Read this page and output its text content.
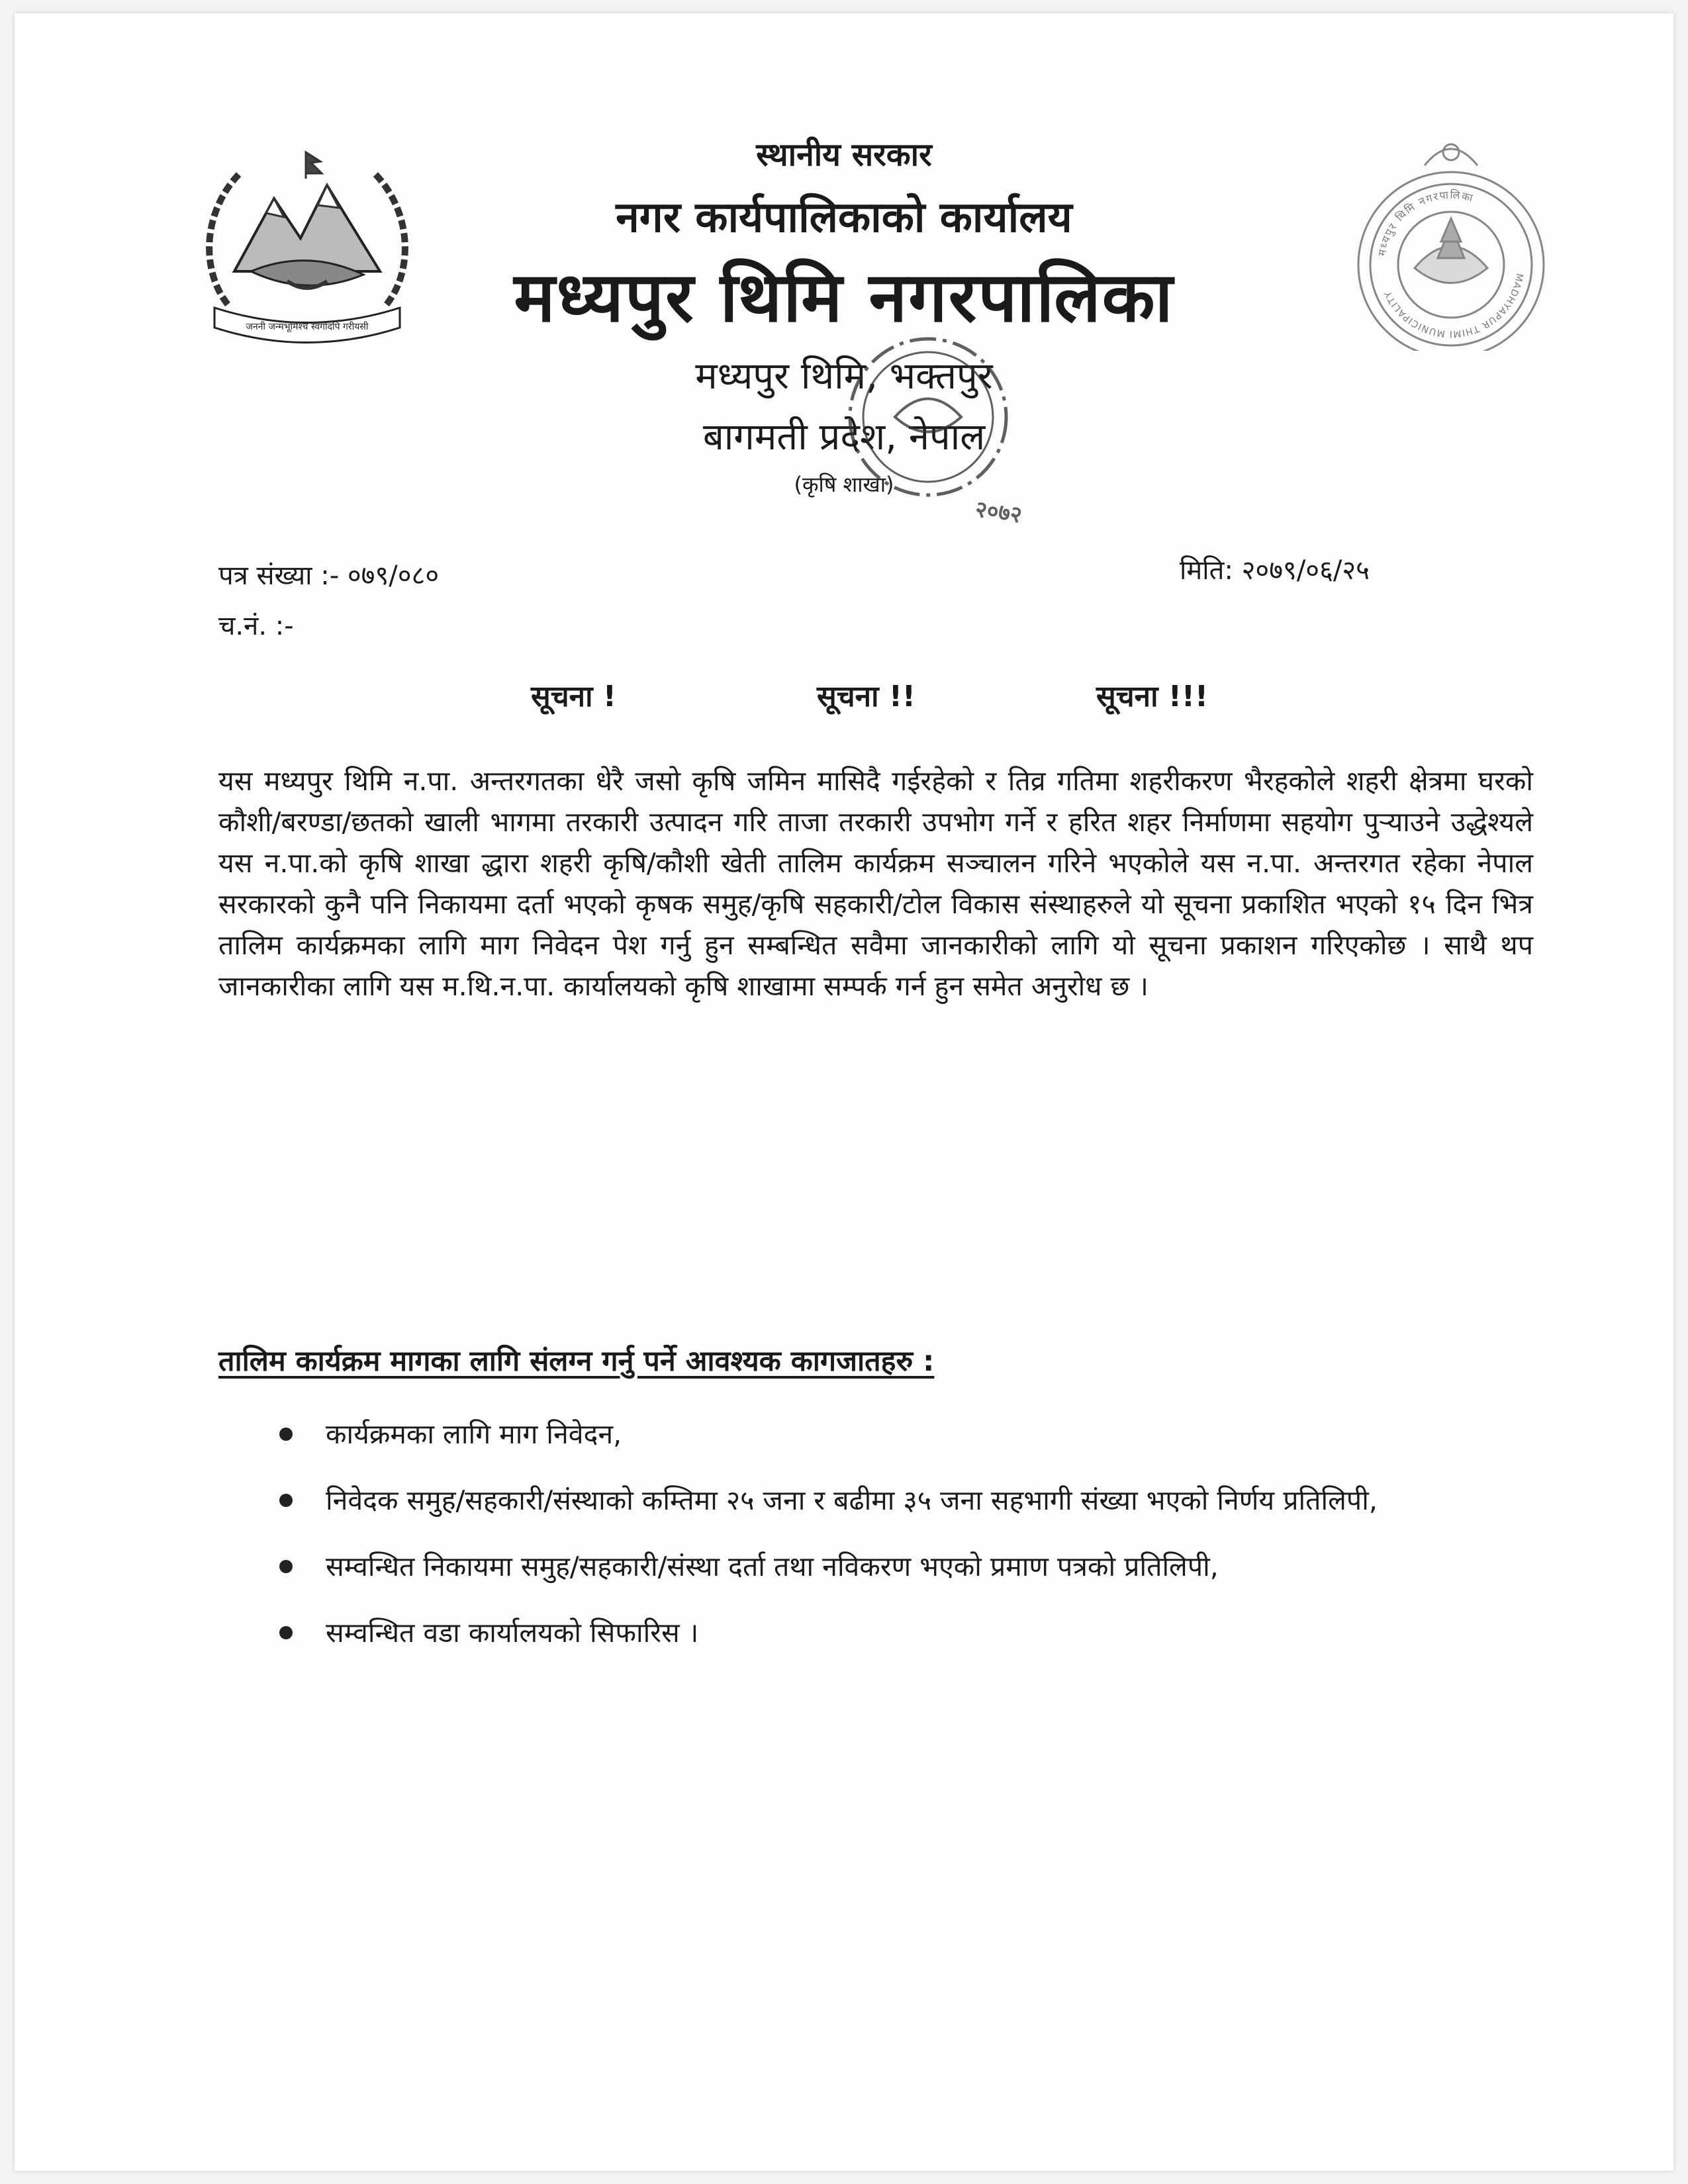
जननी जन्मभूमिश्च स्वर्गादपि गरीयसी
मध्यपुर थिमि नगरपालिका
MADHYAPUR THIMI MUNICIPALITY
स्थानीय सरकार
नगर कार्यपालिकाको कार्यालय
मध्यपुर थिमि नगरपालिका
मध्यपुर थिमि, भक्तपुर
बागमती प्रदेश, नेपाल
(कृषि शाखा)
२०७२
पत्र संख्या :- ०७९/०८०
च.नं. :-
मिति: २०७९/०६/२५
सूचना !	सूचना !!	सूचना !!!
यस मध्यपुर थिमि न.पा. अन्तरगतका धेरै जसो कृषि जमिन मासिदै गईरहेको र तिव्र गतिमा शहरीकरण भैरहकोले शहरी क्षेत्रमा घरको कौशी/बरण्डा/छतको खाली भागमा तरकारी उत्पादन गरि ताजा तरकारी उपभोग गर्ने र हरित शहर निर्माणमा सहयोग पुऱ्याउने उद्धेश्यले यस न.पा.को कृषि शाखा द्धारा शहरी कृषि/कौशी खेती तालिम कार्यक्रम सञ्चालन गरिने भएकोले यस न.पा. अन्तरगत रहेका नेपाल सरकारको कुनै पनि निकायमा दर्ता भएको कृषक समुह/कृषि सहकारी/टोल विकास संस्थाहरुले यो सूचना प्रकाशित भएको १५ दिन भित्र तालिम कार्यक्रमका लागि माग निवेदन पेश गर्नु हुन सम्बन्धित सवैमा जानकारीको लागि यो सूचना प्रकाशन गरिएकोछ । साथै थप जानकारीका लागि यस म.थि.न.पा. कार्यालयको कृषि शाखामा सम्पर्क गर्न हुन समेत अनुरोध छ ।
तालिम कार्यक्रम मागका लागि संलग्न गर्नु पर्ने आवश्यक कागजातहरु :
कार्यक्रमका लागि माग निवेदन,
निवेदक समुह/सहकारी/संस्थाको कम्तिमा २५ जना र बढीमा ३५ जना सहभागी संख्या भएको निर्णय प्रतिलिपी,
सम्वन्धित निकायमा समुह/सहकारी/संस्था दर्ता तथा नविकरण भएको प्रमाण पत्रको प्रतिलिपी,
सम्वन्धित वडा कार्यालयको सिफारिस ।
